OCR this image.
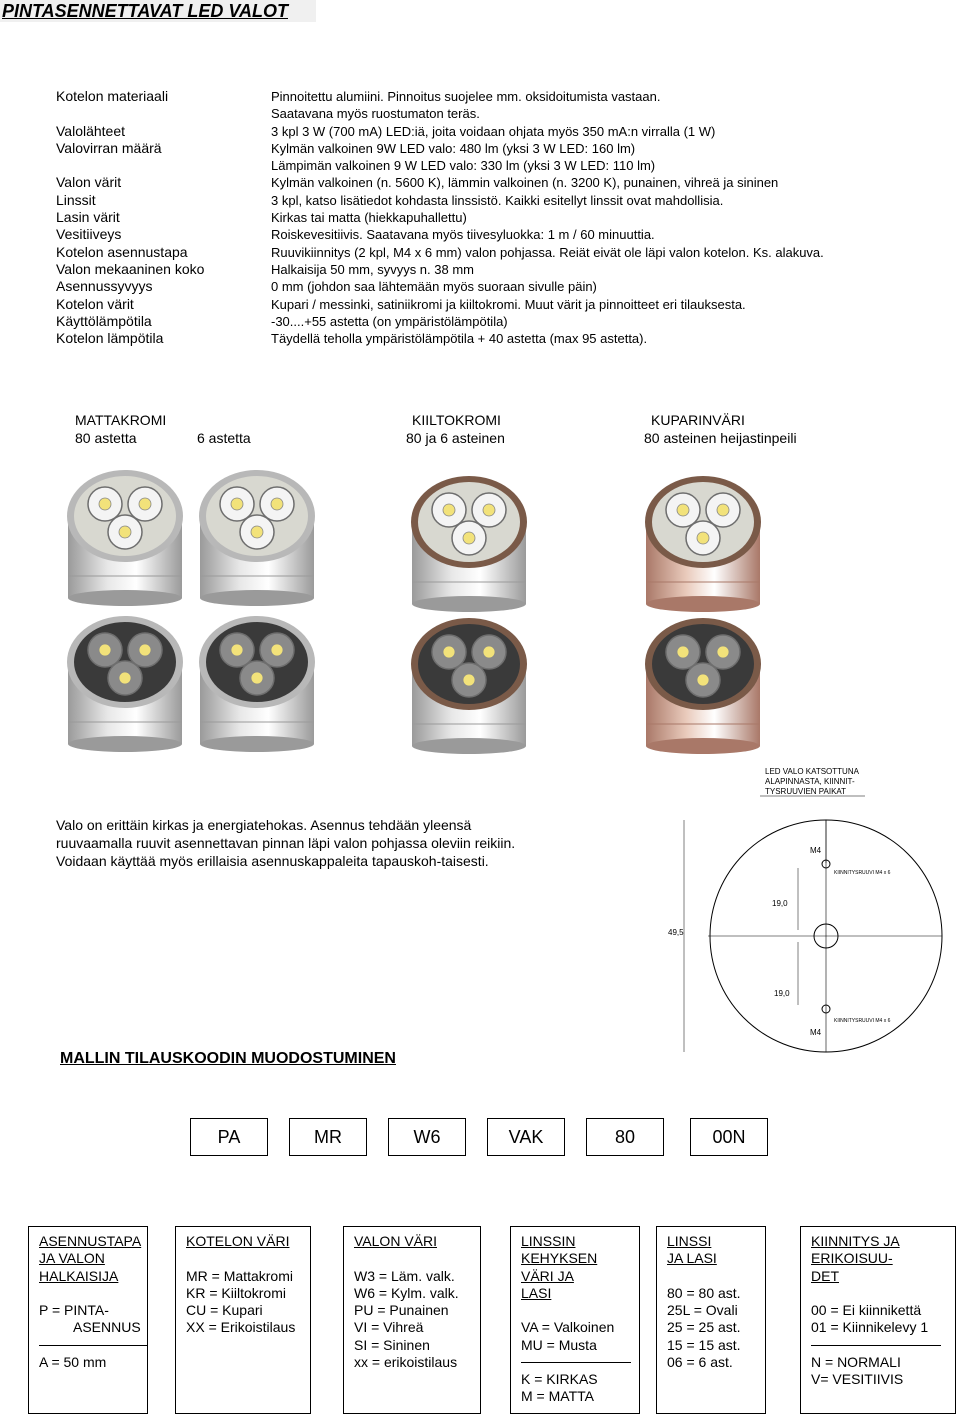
PINTASENNETTAVAT LED VALOT
Kotelon materiaali	Pinnoitettu alumiini. Pinnoitus suojelee mm. oksidoitumista vastaan.
Saatavana myös ruostumaton teräs.
Valolähteet	3 kpl 3 W (700 mA) LED:iä, joita voidaan ohjata myös 350 mA:n virralla (1 W)
Valovirran määrä	Kylmän valkoinen 9W LED valo: 480 lm (yksi 3 W LED: 160 lm)
Lämpimän valkoinen 9 W LED valo: 330 lm (yksi 3 W LED: 110 lm)
Valon värit	Kylmän valkoinen (n. 5600 K), lämmin valkoinen (n. 3200 K), punainen, vihreä ja sininen
Linssit	3 kpl, katso lisätiedot kohdasta linssistö. Kaikki esitellyt linssit ovat mahdollisia.
Lasin värit	Kirkas tai matta (hiekkapuhallettu)
Vesitiiveys	Roiskevesitiivis. Saatavana myös tiivesyluokka: 1 m / 60 minuuttia.
Kotelon asennustapa	Ruuvikiinnitys (2 kpl, M4 x 6 mm) valon pohjassa. Reiät eivät ole läpi valon kotelon. Ks. alakuva.
Valon mekaaninen koko	Halkaisija 50 mm, syvyys n. 38 mm
Asennussyvyys	0 mm (johdon saa lähtemään myös suoraan sivulle päin)
Kotelon värit	Kupari / messinki, satiniikromi ja kiiltokromi. Muut värit ja pinnoitteet eri tilauksesta.
Käyttölämpötila	-30....+55 astetta (on ympäristölämpötila)
Kotelon lämpötila	Täydellä teholla ympäristölämpötila + 40 astetta (max 95 astetta).
MATTAKROMI
80 astetta	6 astetta
KIILTOKROMI
80 ja 6 asteinen
KUPARINVÄRI
80 asteinen heijastinpeili
Valo on erittäin kirkas ja energiatehokas. Asennus tehdään yleensä ruuvaamalla ruuvit asennettavan pinnan läpi valon pohjassa oleviin reikiin. Voidaan käyttää myös erillaisia asennuskappaleita tapauskoh-taisesti.
LED VALO KATSOTTUNA
ALAPINNASTA, KIINNIT-
TYSRUUVIEN PAIKAT
M4
KIINNITYSRUUVI M4 x 6
19,0
49,5
19,0
KIINNITYSRUUVI M4 x 6
M4
MALLIN TILAUSKOODIN MUODOSTUMINEN
PA	MR	W6	VAK	80	00N
ASENNUSTAPA
JA VALON
HALKAISIJA
P = PINTA-
ASENNUS
A = 50 mm
KOTELON VÄRI
MR = Mattakromi
KR = Kiiltokromi
CU = Kupari
XX = Erikoistilaus
VALON VÄRI
W3 = Läm. valk.
W6 = Kylm. valk.
PU = Punainen
VI = Vihreä
SI = Sininen
xx = erikoistilaus
LINSSIN
KEHYKSEN
VÄRI JA
LASI
VA = Valkoinen
MU = Musta
K = KIRKAS
M = MATTA
LINSSI
JA LASI
80 = 80 ast.
25L = Ovali
25 = 25 ast.
15 = 15 ast.
06 = 6 ast.
KIINNITYS JA
ERIKOISUU-
DET
00 = Ei kiinnikettä
01 = Kiinnikelevy 1
N = NORMALI
V= VESITIIVIS
